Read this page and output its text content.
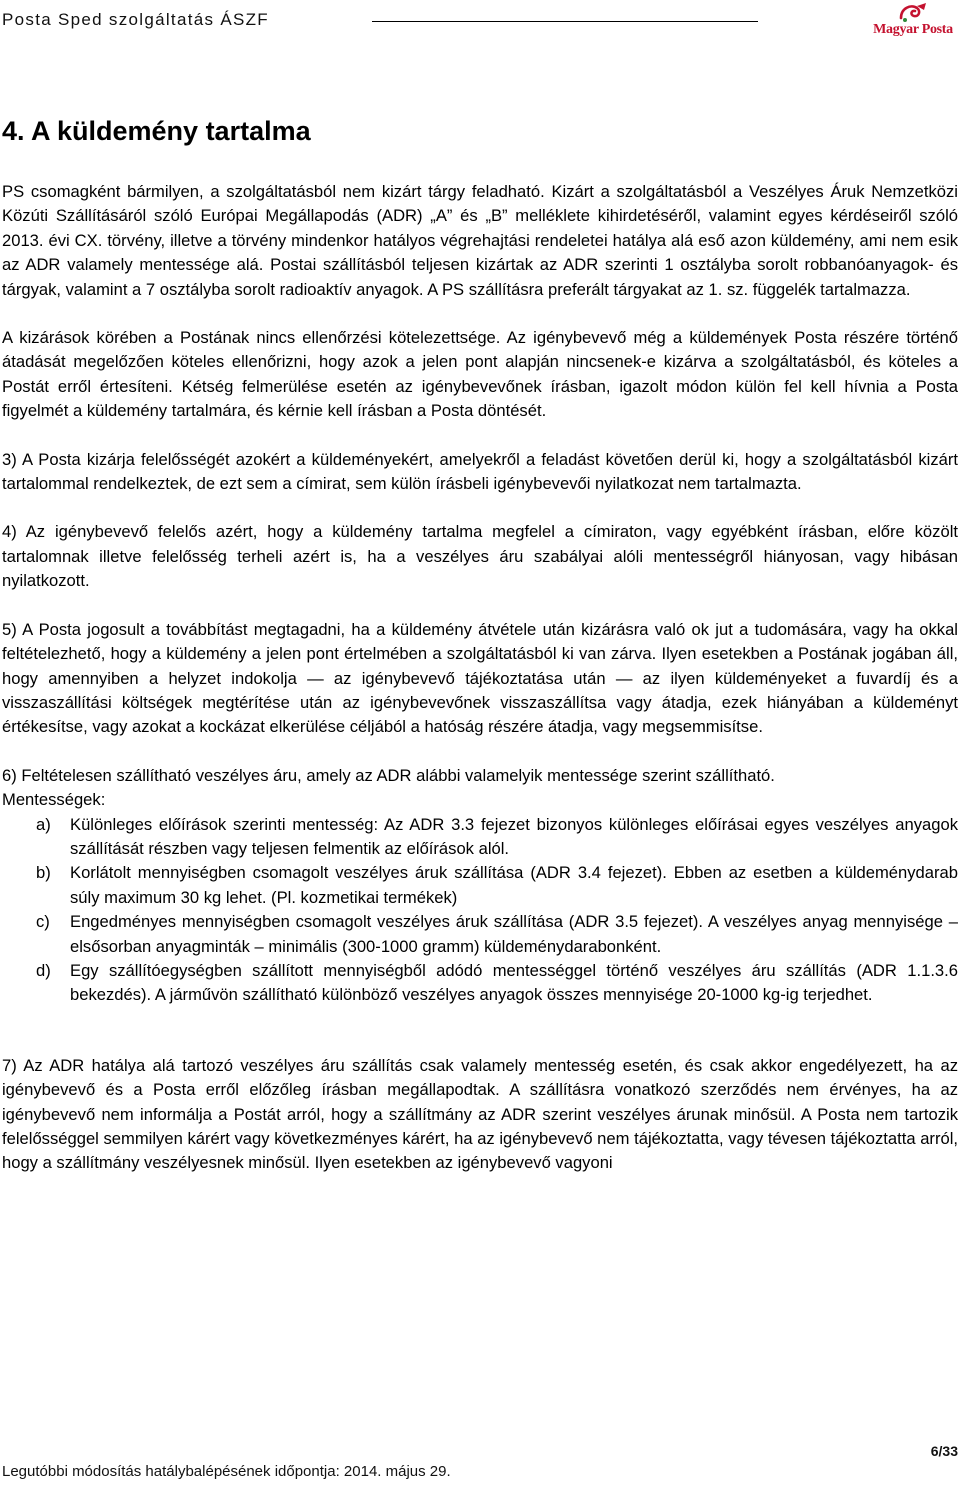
Posta Sped szolgáltatás ÁSZF
Magyar Posta
4. A küldemény tartalma

PS csomagként bármilyen, a szolgáltatásból nem kizárt tárgy feladható. Kizárt a szolgáltatásból a Veszélyes Áruk Nemzetközi Közúti Szállításáról szóló Európai Megállapodás (ADR) „A” és „B” melléklete kihirdetéséről, valamint egyes kérdéseiről szóló 2013. évi CX. törvény, illetve a törvény mindenkor hatályos végrehajtási rendeletei hatálya alá eső azon küldemény, ami nem esik az ADR valamely mentessége alá. Postai szállításból teljesen kizártak az ADR szerinti 1 osztályba sorolt robbanóanyagok- és tárgyak, valamint a 7 osztályba sorolt radioaktív anyagok. A PS szállításra preferált tárgyakat az 1. sz. függelék tartalmazza.

A kizárások körében a Postának nincs ellenőrzési kötelezettsége. Az igénybevevő még a küldemények Posta részére történő átadását megelőzően köteles ellenőrizni, hogy azok a jelen pont alapján nincsenek-e kizárva a szolgáltatásból, és köteles a Postát erről értesíteni. Kétség felmerülése esetén az igénybevevőnek írásban, igazolt módon külön fel kell hívnia a Posta figyelmét a küldemény tartalmára, és kérnie kell írásban a Posta döntését.

3) A Posta kizárja felelősségét azokért a küldeményekért, amelyekről a feladást követően derül ki, hogy a szolgáltatásból kizárt tartalommal rendelkeztek, de ezt sem a címirat, sem külön írásbeli igénybevevői nyilatkozat nem tartalmazta.

4) Az igénybevevő felelős azért, hogy a küldemény tartalma megfelel a címiraton, vagy egyébként írásban, előre közölt tartalomnak illetve felelősség terheli azért is, ha a veszélyes áru szabályai alóli mentességről hiányosan, vagy hibásan nyilatkozott.

5) A Posta jogosult a továbbítást megtagadni, ha a küldemény átvétele után kizárásra való ok jut a tudomására, vagy ha okkal feltételezhető, hogy a küldemény a jelen pont értelmében a szolgáltatásból ki van zárva. Ilyen esetekben a Postának jogában áll, hogy amennyiben a helyzet indokolja — az igénybevevő tájékoztatása után — az ilyen küldeményeket a fuvardíj és a visszaszállítási költségek megtérítése után az igénybevevőnek visszaszállítsa vagy átadja, ezek hiányában a küldeményt értékesítse, vagy azokat a kockázat elkerülése céljából a hatóság részére átadja, vagy megsemmisítse.

6) Feltételesen szállítható veszélyes áru, amely az ADR alábbi valamelyik mentessége szerint szállítható.

Mentességek:

a) Különleges előírások szerinti mentesség: Az ADR 3.3 fejezet bizonyos különleges előírásai egyes veszélyes anyagok szállítását részben vagy teljesen felmentik az előírások alól.
b) Korlátolt mennyiségben csomagolt veszélyes áruk szállítása (ADR 3.4 fejezet). Ebben az esetben a küldeménydarab súly maximum 30 kg lehet. (Pl. kozmetikai termékek)
c) Engedményes mennyiségben csomagolt veszélyes áruk szállítása (ADR 3.5 fejezet). A veszélyes anyag mennyisége – elsősorban anyagminták – minimális (300-1000 gramm) küldeménydarabonként.
d) Egy szállítóegységben szállított mennyiségből adódó mentességgel történő veszélyes áru szállítás (ADR 1.1.3.6 bekezdés). A járművön szállítható különböző veszélyes anyagok összes mennyisége 20-1000 kg-ig terjedhet.

7) Az ADR hatálya alá tartozó veszélyes áru szállítás csak valamely mentesség esetén, és csak akkor engedélyezett, ha az igénybevevő és a Posta erről előzőleg írásban megállapodtak. A szállításra vonatkozó szerződés nem érvényes, ha az igénybevevő nem informálja a Postát arról, hogy a szállítmány az ADR szerint veszélyes árunak minősül. A Posta nem tartozik felelősséggel semmilyen kárért vagy következményes kárért, ha az igénybevevő nem tájékoztatta, vagy tévesen tájékoztatta arról, hogy a szállítmány veszélyesnek minősül. Ilyen esetekben az igénybevevő vagyoni

6/33
Legutóbbi módosítás hatálybalépésének időpontja: 2014. május 29.
